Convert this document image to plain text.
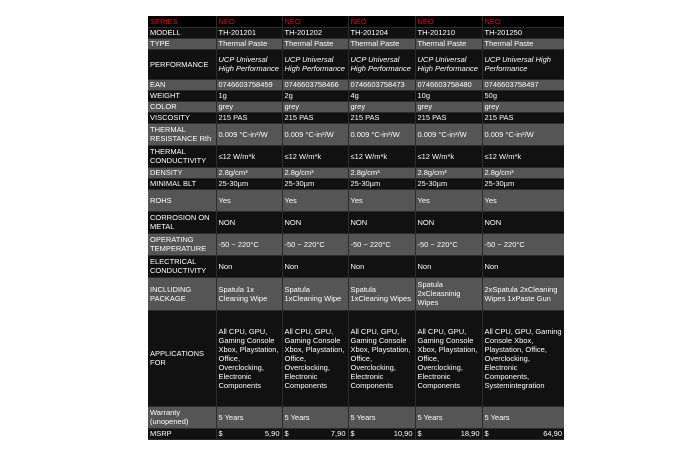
SERIES	NEO	NEO	NEO	NEO	NEO
MODELL	TH-201201	TH-201202	TH-201204	TH-201210	TH-201250
TYPE	Thermal Paste	Thermal Paste	Thermal Paste	Thermal Paste	Thermal Paste
PERFORMANCE	UCP Universal High Performance	UCP Universal High Performance	UCP Universal High Performance	UCP Universal High Performance	UCP Universal High Performance
EAN	0746603758459	0746603758466	0746603758473	0746603758480	0746603758497
WEIGHT	1g	2g	4g	10g	50g
COLOR	grey	grey	grey	grey	grey
VISCOSITY	215 PAS	215 PAS	215 PAS	215 PAS	215 PAS
THERMAL RESISTANCE Rth	0.009 °C-in²/W	0.009 °C-in²/W	0.009 °C-in²/W	0.009 °C-in²/W	0.009 °C-in²/W
THERMAL CONDUCTIVITY	≤12 W/m*k	≤12 W/m*k	≤12 W/m*k	≤12 W/m*k	≤12 W/m*k
DENSITY	2.8g/cm³	2.8g/cm³	2.8g/cm³	2.8g/cm³	2.8g/cm³
MINIMAL BLT	25-30µm	25-30µm	25-30µm	25-30µm	25-30µm
ROHS	Yes	Yes	Yes	Yes	Yes
CORROSION ON METAL	NON	NON	NON	NON	NON
OPERATING TEMPERATURE	-50 ~ 220°C	-50 ~ 220°C	-50 ~ 220°C	-50 ~ 220°C	-50 ~ 220°C
ELECTRICAL CONDUCTIVITY	Non	Non	Non	Non	Non
INCLUDING PACKAGE	Spatula 1x Cleaning Wipe	Spatula 1xCleaning Wipe	Spatula 1xCleaning Wipes	Spatula 2xCleasninig Wipes	2xSpatula 2xCleaning Wipes 1xPaste Gun
APPLICATIONS FOR	All CPU, GPU, Gaming Console Xbox, Playstation, Office, Overclocking, Electronic Components	All CPU, GPU, Gaming Console Xbox, Playstation, Office, Overclocking, Electronic Components	All CPU, GPU, Gaming Console Xbox, Playstation, Office, Overclocking, Electronic Components	All CPU, GPU, Gaming Console Xbox, Playstation, Office, Overclocking, Electronic Components	All CPU, GPU, Gaming Console Xbox, Playstation, Office, Overclocking, Electronic Components, Systemintegration
Warranty (unopened)	5 Years	5 Years	5 Years	5 Years	5 Years
MSRP	$ 5,90	$ 7,90	$ 10,90	$ 18,90	$ 64,90
